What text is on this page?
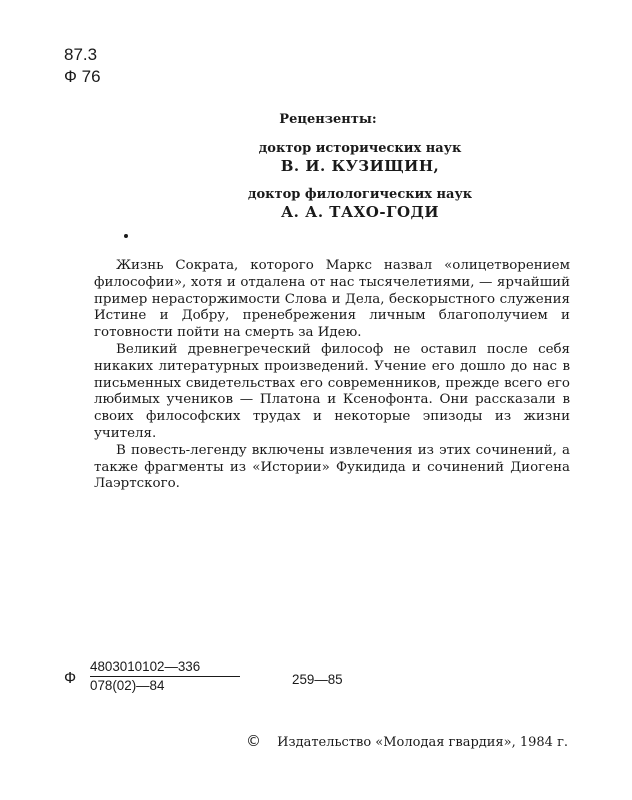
87.3
Ф 76
Рецензенты:
доктор исторических наук
В. И. КУЗИЩИН,
доктор филологических наук
А. А. ТАХО-ГОДИ

Жизнь Сократа, которого Маркс назвал «олицетворением философии», хотя и отдалена от нас тысячелетиями, — ярчайший пример нерасторжимости Слова и Дела, бескорыстного служения Истине и Добру, пренебрежения личным благополучием и готовности пойти на смерть за Идею.

Великий древнегреческий философ не оставил после себя никаких литературных произведений. Учение его дошло до нас в письменных свидетельствах его современников, прежде всего его любимых учеников — Платона и Ксенофонта. Они рассказали в своих философских трудах и некоторые эпизоды из жизни учителя.

В повесть-легенду включены извлечения из этих сочинений, а также фрагменты из «Истории» Фукидида и сочинений Диогена Лаэртского.

Ф $\frac{4803010102—336}{078(02)—84}$	259—85
© Издательство «Молодая гвардия», 1984 г.
